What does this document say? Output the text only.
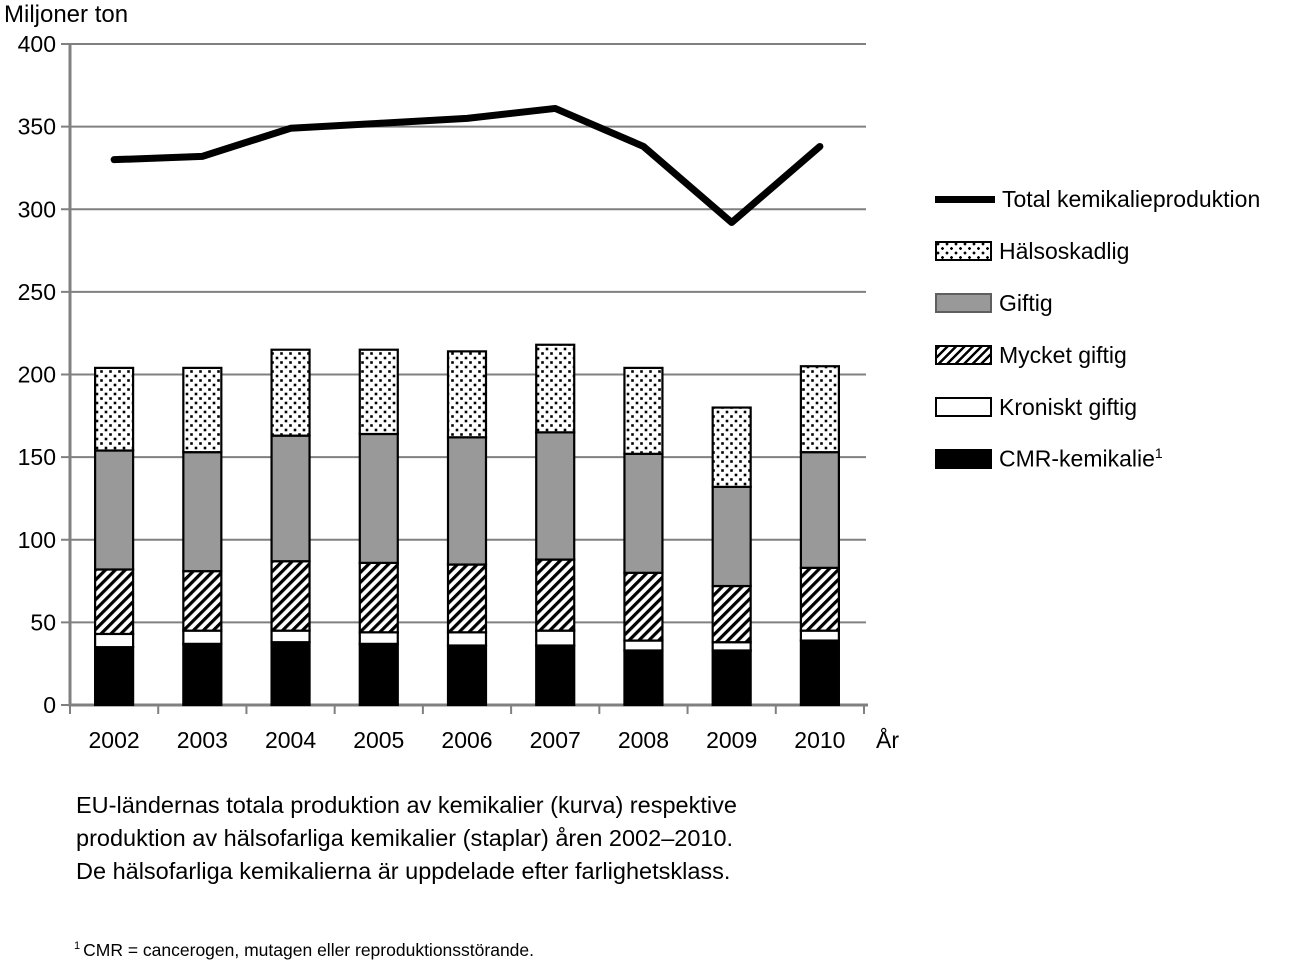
Miljoner ton
0
50
100
150
200
250
300
350
400
2002 2003 2004 2005 2006 2007 2008 2009 2010 År
Total kemikalieproduktion
Hälsoskadlig
Giftig
Mycket giftig
Kroniskt giftig
CMR-kemikalie$^1$
EU-ländernas totala produktion av kemikalier (kurva) respektive
produktion av hälsofarliga kemikalier (staplar) åren 2002–2010.
De hälsofarliga kemikalierna är uppdelade efter farlighetsklass.
$^1$ CMR = cancerogen, mutagen eller reproduktionsstörande.
